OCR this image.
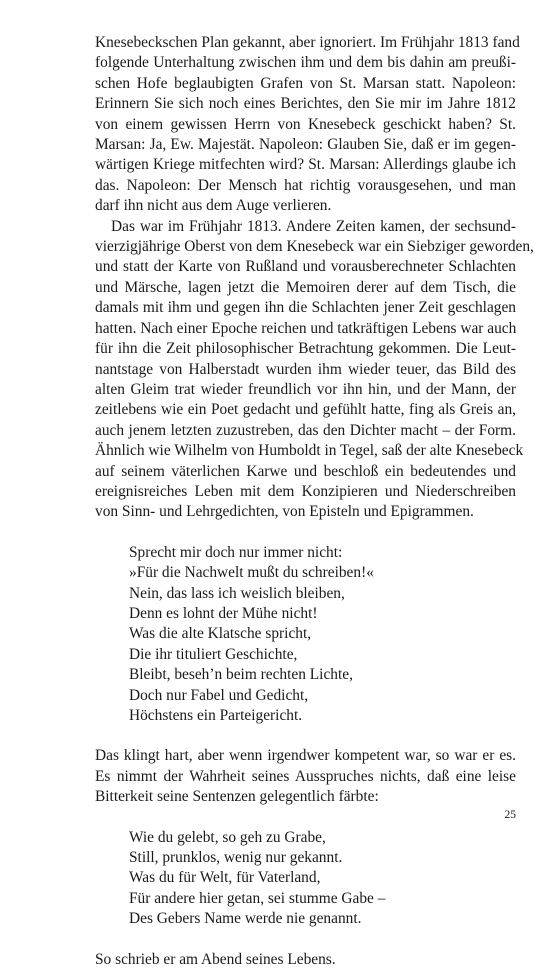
Knesebeckschen Plan gekannt, aber ignoriert. Im Frühjahr 1813 fand
folgende Unterhaltung zwischen ihm und dem bis dahin am preußi-
schen Hofe beglaubigten Grafen von St. Marsan statt. Napoleon:
Erinnern Sie sich noch eines Berichtes, den Sie mir im Jahre 1812
von einem gewissen Herrn von Knesebeck geschickt haben? St.
Marsan: Ja, Ew. Majestät. Napoleon: Glauben Sie, daß er im gegen-
wärtigen Kriege mitfechten wird? St. Marsan: Allerdings glaube ich
das. Napoleon: Der Mensch hat richtig vorausgesehen, und man
darf ihn nicht aus dem Auge verlieren.
Das war im Frühjahr 1813. Andere Zeiten kamen, der sechsund-
vierzigjährige Oberst von dem Knesebeck war ein Siebziger geworden,
und statt der Karte von Rußland und vorausberechneter Schlachten
und Märsche, lagen jetzt die Memoiren derer auf dem Tisch, die
damals mit ihm und gegen ihn die Schlachten jener Zeit geschlagen
hatten. Nach einer Epoche reichen und tatkräftigen Lebens war auch
für ihn die Zeit philosophischer Betrachtung gekommen. Die Leut-
nantstage von Halberstadt wurden ihm wieder teuer, das Bild des
alten Gleim trat wieder freundlich vor ihn hin, und der Mann, der
zeitlebens wie ein Poet gedacht und gefühlt hatte, fing als Greis an,
auch jenem letzten zuzustreben, das den Dichter macht – der Form.
Ähnlich wie Wilhelm von Humboldt in Tegel, saß der alte Knesebeck
auf seinem väterlichen Karwe und beschloß ein bedeutendes und
ereignisreiches Leben mit dem Konzipieren und Niederschreiben
von Sinn- und Lehrgedichten, von Episteln und Epigrammen.
Sprecht mir doch nur immer nicht:
»Für die Nachwelt mußt du schreiben!«
Nein, das lass ich weislich bleiben,
Denn es lohnt der Mühe nicht!
Was die alte Klatsche spricht,
Die ihr tituliert Geschichte,
Bleibt, beseh’n beim rechten Lichte,
Doch nur Fabel und Gedicht,
Höchstens ein Parteigericht.
Das klingt hart, aber wenn irgendwer kompetent war, so war er es.
Es nimmt der Wahrheit seines Ausspruches nichts, daß eine leise
Bitterkeit seine Sentenzen gelegentlich färbte:
Wie du gelebt, so geh zu Grabe,
Still, prunklos, wenig nur gekannt.
Was du für Welt, für Vaterland,
Für andere hier getan, sei stumme Gabe –
Des Gebers Name werde nie genannt.
So schrieb er am Abend seines Lebens.
25
